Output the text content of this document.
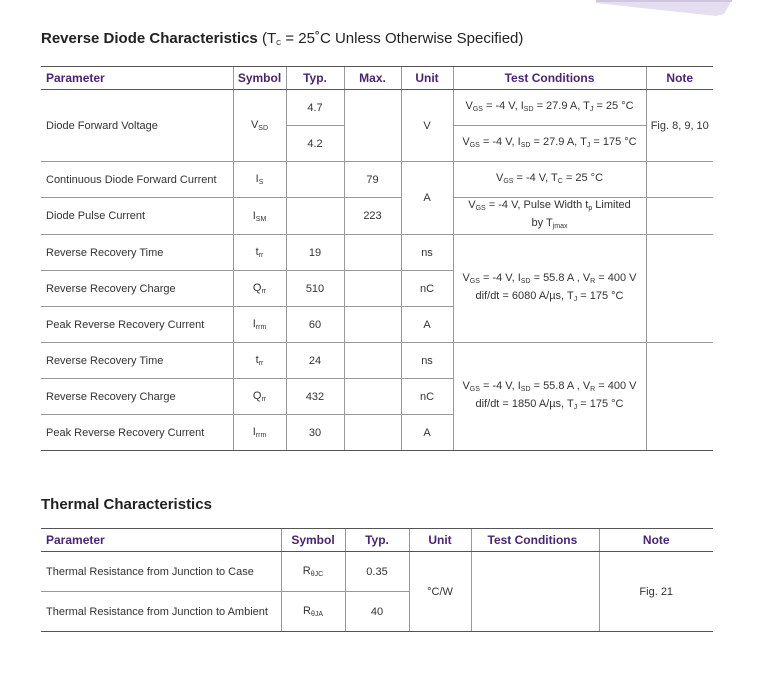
Reverse Diode Characteristics ($T_C$ = 25˚C Unless Otherwise Specified)
Parameter	Symbol	Typ.	Max.	Unit	Test Conditions	Note
Diode Forward Voltage	$V_{SD}$	4.7		V	$V_{GS} = -4$ V, $I_{SD} = 27.9$ A, $T_J = 25$ °C	Fig. 8, 9, 10
		4.2			$V_{GS} = -4$ V, $I_{SD} = 27.9$ A, $T_J = 175$ °C	
Continuous Diode Forward Current	$I_S$		79	A	$V_{GS} = -4$ V, $T_C = 25$ °C	
Diode Pulse Current	$I_{SM}$		223		$V_{GS} = -4$ V, Pulse Width $t_p$ Limited
by $T_{jmax}$	
Reverse Recovery Time	$t_{rr}$	19		ns	$V_{GS} = -4$ V, $I_{SD} = 55.8$ A , $V_R = 400$ V
dif/dt = 6080 A/µs, $T_J = 175$ °C	
Reverse Recovery Charge	$Q_{rr}$	510		nC		
Peak Reverse Recovery Current	$I_{rrm}$	60		A		
Reverse Recovery Time	$t_{rr}$	24		ns	$V_{GS} = -4$ V, $I_{SD} = 55.8$ A , $V_R = 400$ V
dif/dt = 1850 A/µs, $T_J = 175$ °C	
Reverse Recovery Charge	$Q_{rr}$	432		nC		
Peak Reverse Recovery Current	$I_{rrm}$	30		A		
Thermal Characteristics
Parameter	Symbol	Typ.	Unit	Test Conditions	Note
Thermal Resistance from Junction to Case	$R_{\theta JC}$	0.35	°C/W		Fig. 21
Thermal Resistance from Junction to Ambient	$R_{\theta JA}$	40			
